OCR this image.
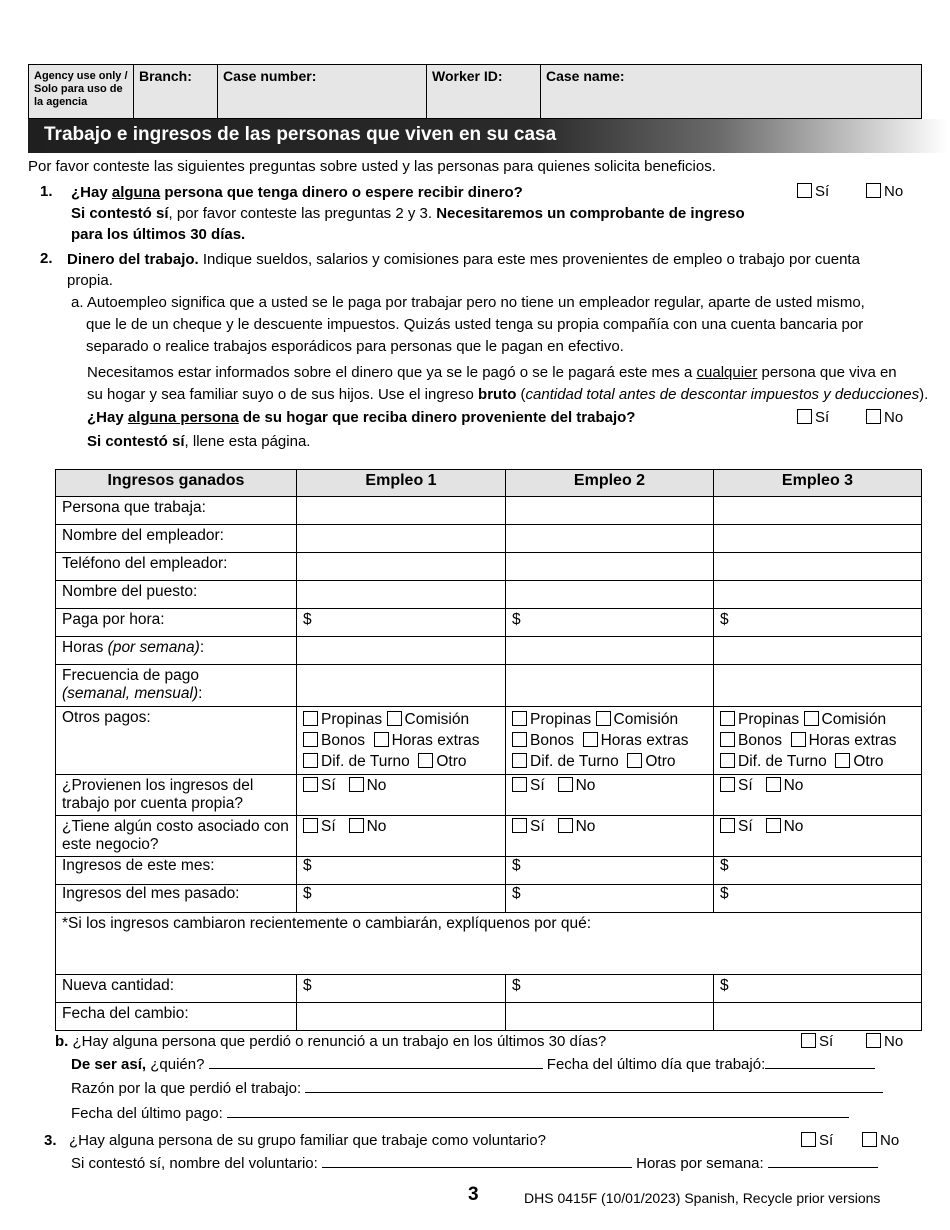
Agency use only / Solo para uso de la agencia
Branch:	Case number:	Worker ID:	Case name:
Trabajo e ingresos de las personas que viven en su casa
Por favor conteste las siguientes preguntas sobre usted y las personas para quienes solicita beneficios.
1. ¿Hay alguna persona que tenga dinero o espere recibir dinero?
Si contestó sí, por favor conteste las preguntas 2 y 3. Necesitaremos un comprobante de ingreso
para los últimos 30 días.
Sí	No
2. Dinero del trabajo. Indique sueldos, salarios y comisiones para este mes provenientes de empleo o trabajo por cuenta
propia.
a. Autoempleo significa que a usted se le paga por trabajar pero no tiene un empleador regular, aparte de usted mismo,
que le de un cheque y le descuente impuestos. Quizás usted tenga su propia compañía con una cuenta bancaria por
separado o realice trabajos esporádicos para personas que le pagan en efectivo.
Necesitamos estar informados sobre el dinero que ya se le pagó o se le pagará este mes a cualquier persona que viva en
su hogar y sea familiar suyo o de sus hijos. Use el ingreso bruto (cantidad total antes de descontar impuestos y deducciones).
¿Hay alguna persona de su hogar que reciba dinero proveniente del trabajo?	Sí	No
Si contestó sí, llene esta página.
Ingresos ganados	Empleo 1	Empleo 2	Empleo 3
Persona que trabaja:			
Nombre del empleador:			
Teléfono del empleador:			
Nombre del puesto:			
Paga por hora:	$	$	$
Horas (por semana):			
Frecuencia de pago
(semanal, mensual):			
Otros pagos:	Propinas Comisión
Bonos Horas extras
Dif. de Turno Otro	Propinas Comisión
Bonos Horas extras
Dif. de Turno Otro	Propinas Comisión
Bonos Horas extras
Dif. de Turno Otro
¿Provienen los ingresos del trabajo por cuenta propia?	Sí No	Sí No	Sí No
¿Tiene algún costo asociado con este negocio?	Sí No	Sí No	Sí No
Ingresos de este mes:	$	$	$
Ingresos del mes pasado:	$	$	$
*Si los ingresos cambiaron recientemente o cambiarán, explíquenos por qué:			
Nueva cantidad:	$	$	$
Fecha del cambio:			
b. ¿Hay alguna persona que perdió o renunció a un trabajo en los últimos 30 días?	Sí	No
De ser así, ¿quién?	Fecha del último día que trabajó:
Razón por la que perdió el trabajo:
Fecha del último pago:
3. ¿Hay alguna persona de su grupo familiar que trabaje como voluntario?	Sí	No
Si contestó sí, nombre del voluntario:	Horas por semana:
3	DHS 0415F (10/01/2023) Spanish, Recycle prior versions
